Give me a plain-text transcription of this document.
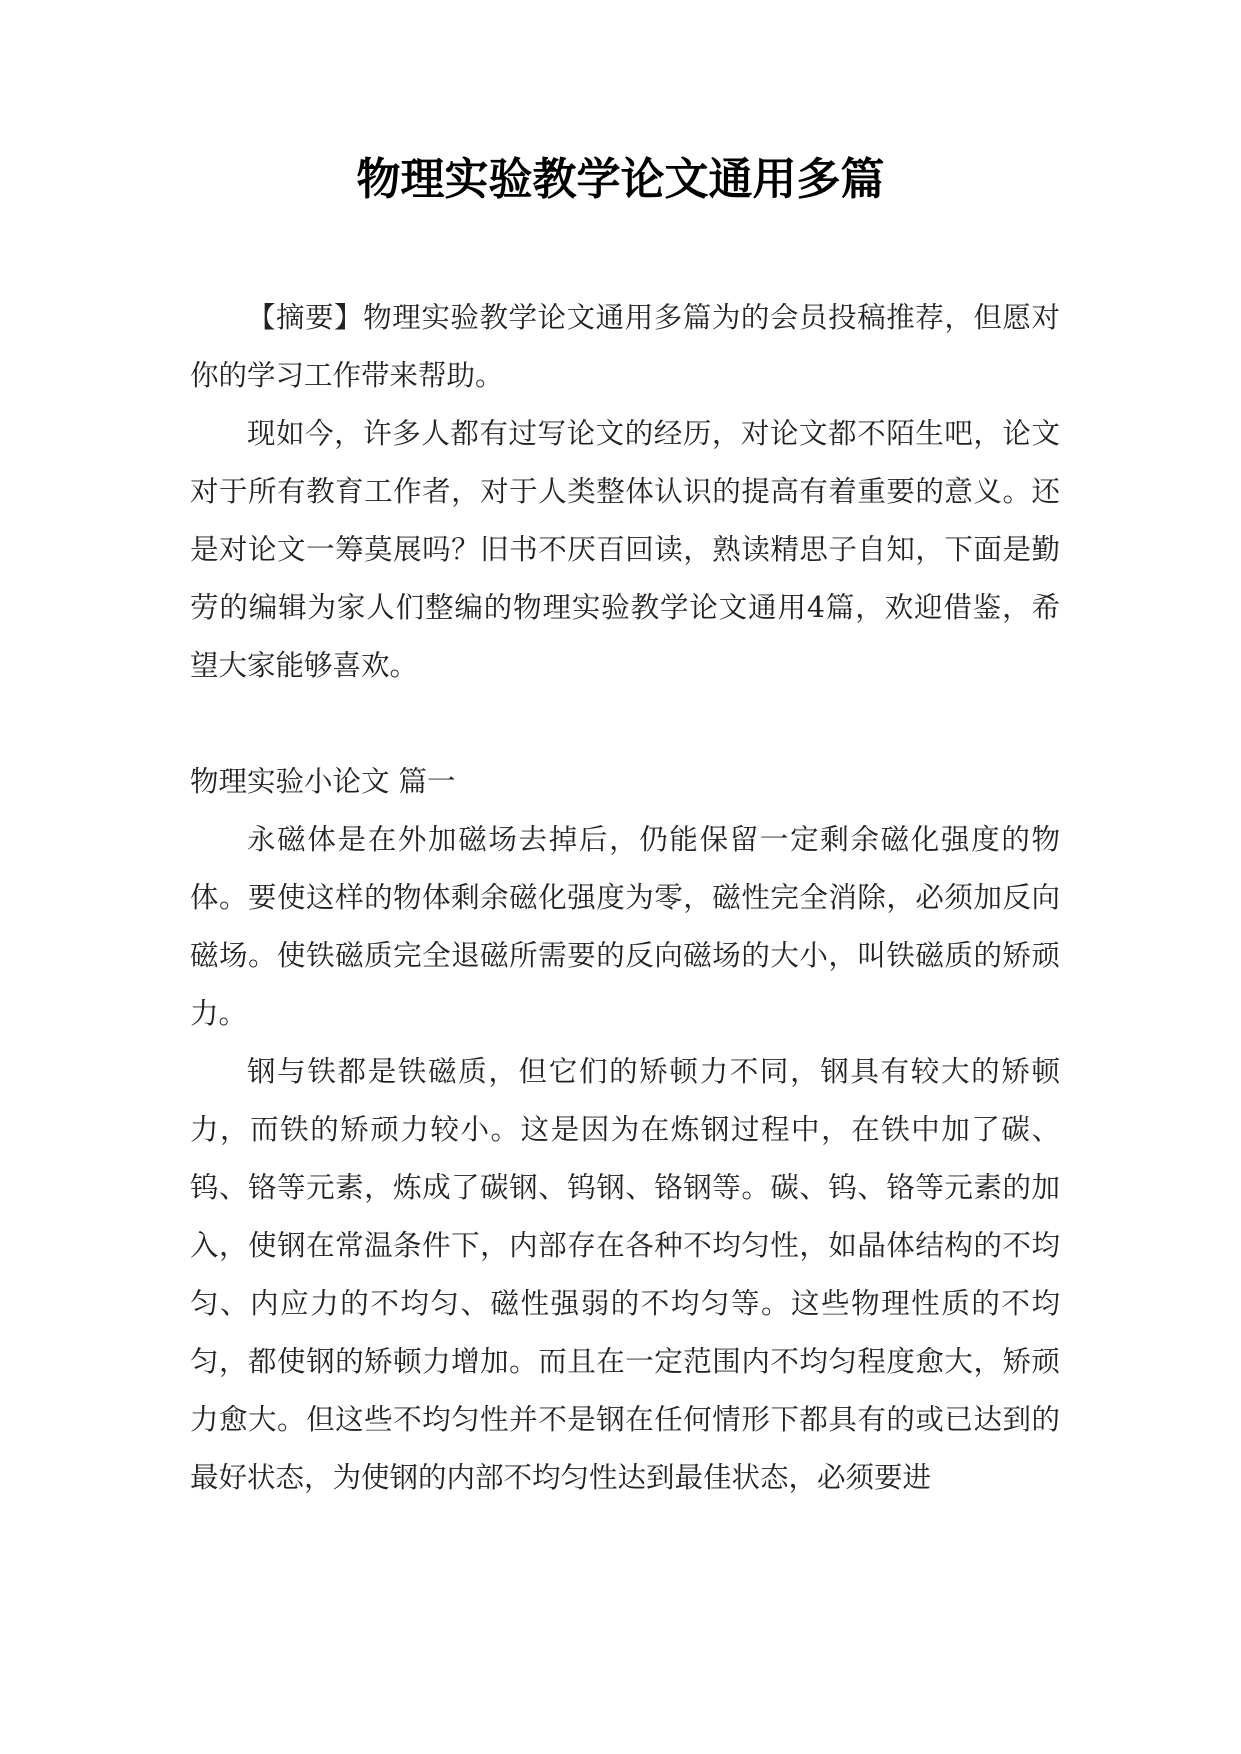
物理实验教学论文通用多篇

【摘要】物理实验教学论文通用多篇为的会员投稿推荐，但愿对你的学习工作带来帮助。

现如今，许多人都有过写论文的经历，对论文都不陌生吧，论文对于所有教育工作者，对于人类整体认识的提高有着重要的意义。还是对论文一筹莫展吗？旧书不厌百回读，熟读精思子自知，下面是勤劳的编辑为家人们整编的物理实验教学论文通用4篇，欢迎借鉴，希望大家能够喜欢。

物理实验小论文 篇一

永磁体是在外加磁场去掉后，仍能保留一定剩余磁化强度的物体。要使这样的物体剩余磁化强度为零，磁性完全消除，必须加反向磁场。使铁磁质完全退磁所需要的反向磁场的大小，叫铁磁质的矫顽力。

钢与铁都是铁磁质，但它们的矫顿力不同，钢具有较大的矫顿力，而铁的矫顽力较小。这是因为在炼钢过程中，在铁中加了碳、钨、铬等元素，炼成了碳钢、钨钢、铬钢等。碳、钨、铬等元素的加入，使钢在常温条件下，内部存在各种不均匀性，如晶体结构的不均匀、内应力的不均匀、磁性强弱的不均匀等。这些物理性质的不均匀，都使钢的矫顿力增加。而且在一定范围内不均匀程度愈大，矫顽力愈大。但这些不均匀性并不是钢在任何情形下都具有的或已达到的最好状态，为使钢的内部不均匀性达到最佳状态，必须要进
